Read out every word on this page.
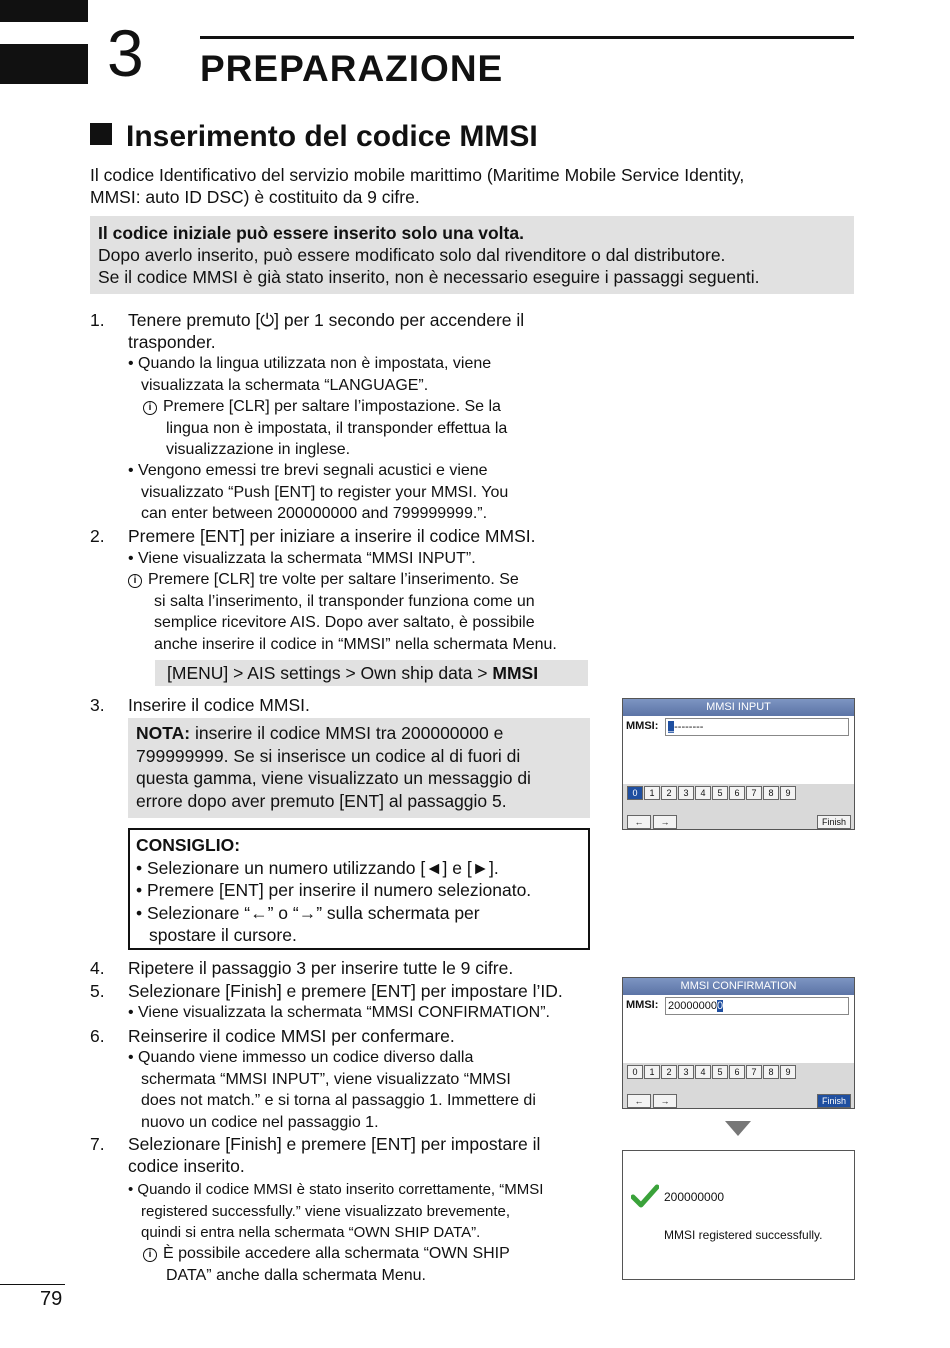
3 PREPARAZIONE
Inserimento del codice MMSI
Il codice Identificativo del servizio mobile marittimo (Maritime Mobile Service Identity,
MMSI: auto ID DSC) è costituito da 9 cifre.
Il codice iniziale può essere inserito solo una volta.
Dopo averlo inserito, può essere modificato solo dal rivenditore o dal distributore.
Se il codice MMSI è già stato inserito, non è necessario eseguire i passaggi seguenti.
1.	Tenere premuto [⏻] per 1 secondo per accendere il
trasponder.
• Quando la lingua utilizzata non è impostata, viene
visualizzata la schermata “LANGUAGE”.
i Premere [CLR] per saltare l’impostazione. Se la
lingua non è impostata, il transponder effettua la
visualizzazione in inglese.
• Vengono emessi tre brevi segnali acustici e viene
visualizzato “Push [ENT] to register your MMSI. You
can enter between 200000000 and 799999999.”.
2.	Premere [ENT] per iniziare a inserire il codice MMSI.
• Viene visualizzata la schermata “MMSI INPUT”.
i Premere [CLR] tre volte per saltare l’inserimento. Se
si salta l’inserimento, il transponder funziona come un
semplice ricevitore AIS. Dopo aver saltato, è possibile
anche inserire il codice in “MMSI” nella schermata Menu.
[MENU] > AIS settings > Own ship data > MMSI
3.	Inserire il codice MMSI.
NOTA: inserire il codice MMSI tra 200000000 e
799999999. Se si inserisce un codice al di fuori di
questa gamma, viene visualizzato un messaggio di
errore dopo aver premuto [ENT] al passaggio 5.
CONSIGLIO:
• Selezionare un numero utilizzando [◄] e [►].
• Premere [ENT] per inserire il numero selezionato.
• Selezionare “←” o “→” sulla schermata per
spostare il cursore.
4.	Ripetere il passaggio 3 per inserire tutte le 9 cifre.
5.	Selezionare [Finish] e premere [ENT] per impostare l’ID.
• Viene visualizzata la schermata “MMSI CONFIRMATION”.
6.	Reinserire il codice MMSI per confermare.
• Quando viene immesso un codice diverso dalla
schermata “MMSI INPUT”, viene visualizzato “MMSI
does not match.” e si torna al passaggio 1. Immettere di
nuovo un codice nel passaggio 1.
7.	Selezionare [Finish] e premere [ENT] per impostare il
codice inserito.
• Quando il codice MMSI è stato inserito correttamente, “MMSI
registered successfully.” viene visualizzato brevemente,
quindi si entra nella schermata “OWN SHIP DATA”.
i È possibile accedere alla schermata “OWN SHIP
DATA” anche dalla schermata Menu.
MMSI INPUT
MMSI: _--------
0	1	2	3	4	5	6	7	8	9
←	→	Finish
MMSI CONFIRMATION
MMSI: 200000000
0	1	2	3	4	5	6	7	8	9
←	→	Finish
200000000
MMSI registered successfully.
79
